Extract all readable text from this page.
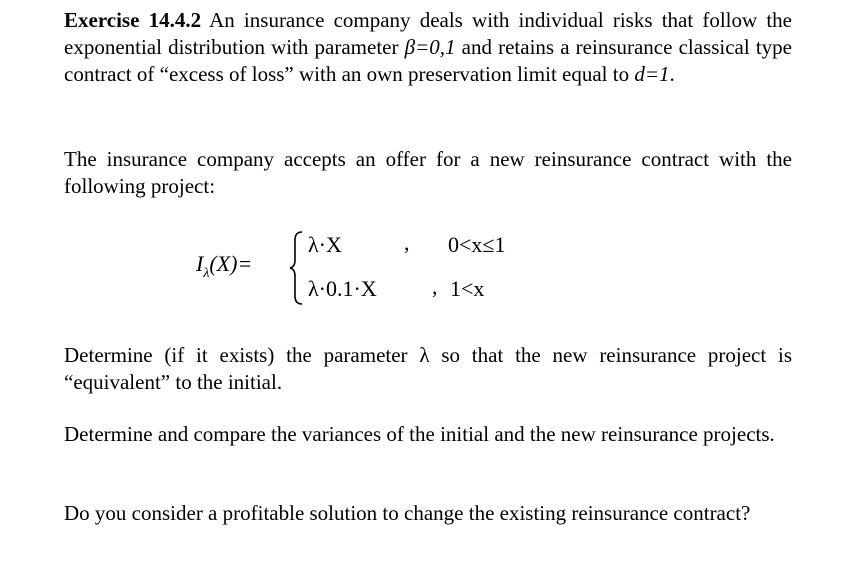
Exercise 14.4.2 An insurance company deals with individual risks that follow the exponential distribution with parameter β=0,1 and retains a reinsurance classical type contract of “excess of loss” with an own preservation limit equal to d=1.

The insurance company accepts an offer for a new reinsurance contract with the following project:

$I_\lambda(X)=$
λ·X	, 0<x≤1
λ·0.1·X	, 1<x

Determine (if it exists) the parameter λ so that the new reinsurance project is “equivalent” to the initial.

Determine and compare the variances of the initial and the new reinsurance projects.

Do you consider a profitable solution to change the existing reinsurance contract?
